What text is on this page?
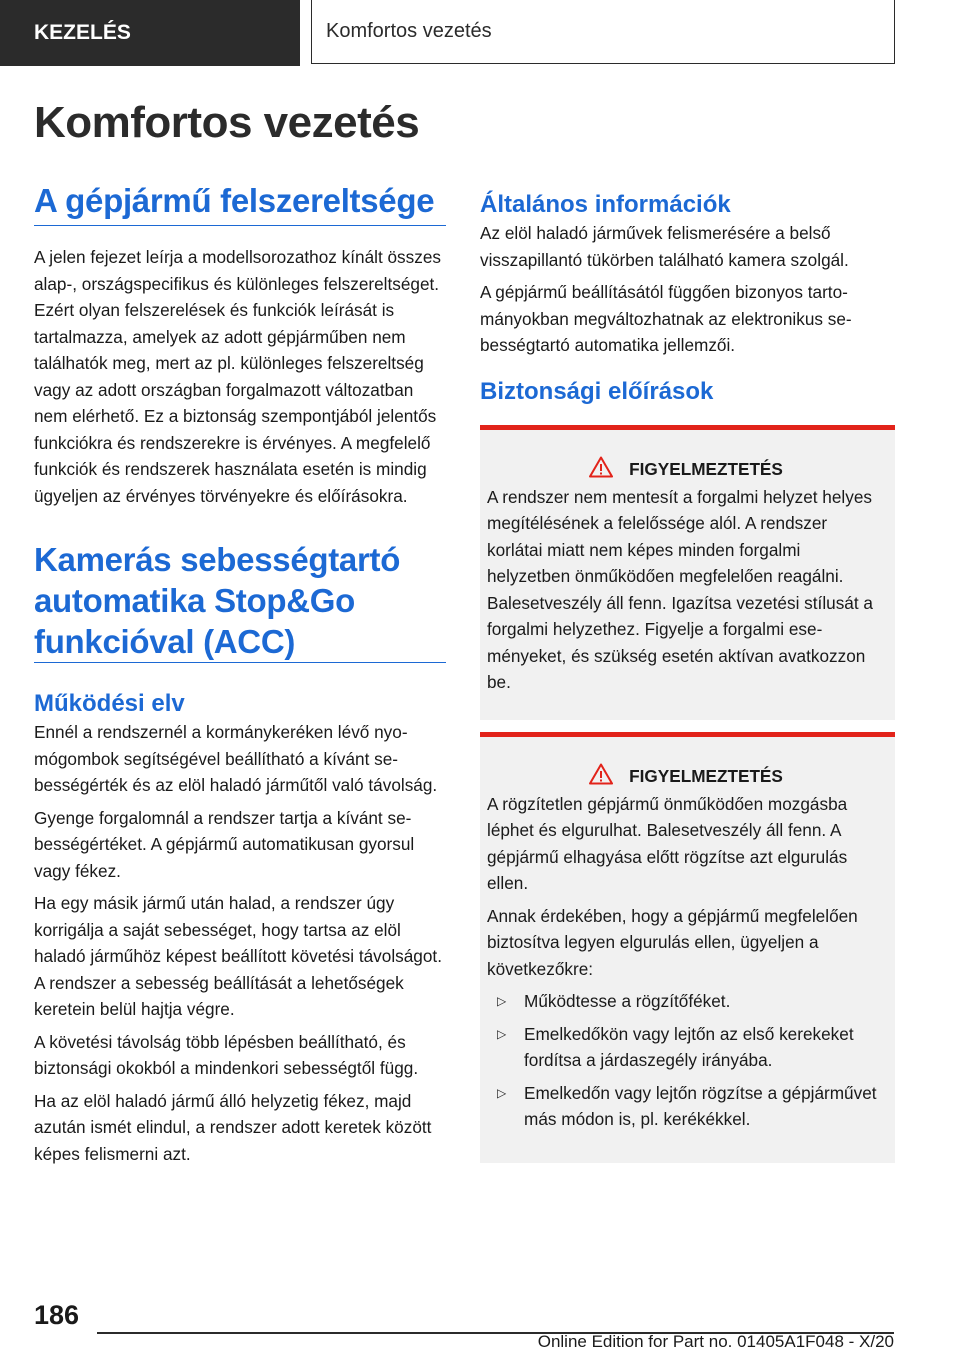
KEZELÉS	Komfortos vezetés
Komfortos vezetés
A gépjármű felszereltsége

A jelen fejezet leírja a modellsorozathoz kínált összes alap-, országspecifikus és különleges felszereltséget. Ezért olyan felszerelések és funkciók leírását is tartalmazza, amelyek az adott gépjárműben nem találhatók meg, mert az pl. különleges felszereltség vagy az adott országban forgalmazott változatban nem elérhető. Ez a biztonság szempontjából jelentős funkciókra és rendszerekre is érvényes. A megfelelő funkciók és rendszerek használata esetén is mindig ügyeljen az érvényes törvényekre és előírásokra.

Kamerás sebességtartó automatika Stop&Go funkcióval (ACC)
Működési elv

Ennél a rendszernél a kormánykeréken lévő nyomógombok segítségével beállítható a kívánt sebességérték és az elöl haladó járműtől való távolság.

Gyenge forgalomnál a rendszer tartja a kívánt sebességértéket. A gépjármű automatikusan gyorsul vagy fékez.

Ha egy másik jármű után halad, a rendszer úgy korrigálja a saját sebességet, hogy tartsa az elöl haladó járműhöz képest beállított követési távolságot. A rendszer a sebesség beállítását a lehetőségek keretein belül hajtja végre.

A követési távolság több lépésben beállítható, és biztonsági okokból a mindenkori sebességtől függ.

Ha az elöl haladó jármű álló helyzetig fékez, majd azután ismét elindul, a rendszer adott keretek között képes felismerni azt.

Általános információk

Az elöl haladó járművek felismerésére a belső visszapillantó tükörben található kamera szolgál.

A gépjármű beállításától függően bizonyos tartományokban megváltozhatnak az elektronikus sebességtartó automatika jellemzői.

Biztonsági előírások
FIGYELMEZTETÉS

A rendszer nem mentesít a forgalmi helyzet helyes megítélésének a felelőssége alól. A rendszer korlátai miatt nem képes minden forgalmi helyzetben önműködően megfelelően reagálni. Balesetveszély áll fenn. Igazítsa vezetési stílusát a forgalmi helyzethez. Figyelje a forgalmi eseményeket, és szükség esetén aktívan avatkozzon be.

FIGYELMEZTETÉS

A rögzítetlen gépjármű önműködően mozgásba léphet és elgurulhat. Balesetveszély áll fenn. A gépjármű elhagyása előtt rögzítse azt elgurulás ellen.

Annak érdekében, hogy a gépjármű megfelelően biztosítva legyen elgurulás ellen, ügyeljen a következőkre:

▷ Működtesse a rögzítőféket.
▷ Emelkedőkön vagy lejtőn az első kerekeket fordítsa a járdaszegély irányába.
▷ Emelkedőn vagy lejtőn rögzítse a gépjárművet más módon is, pl. kerékékkel.
186
Online Edition for Part no. 01405A1F048 - X/20
